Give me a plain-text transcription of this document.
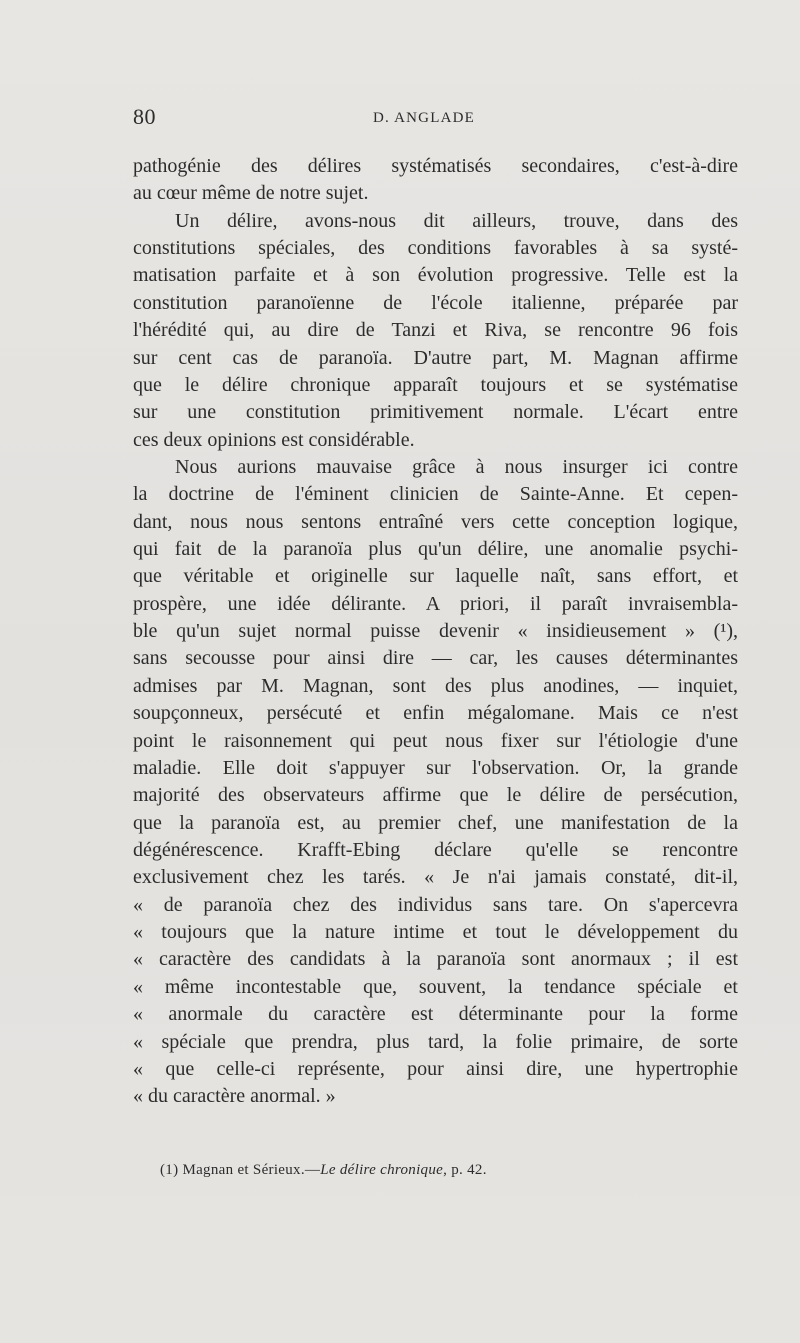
80	D. ANGLADE
pathogénie des délires systématisés secondaires, c'est-à-dire
au cœur même de notre sujet.
Un délire, avons-nous dit ailleurs, trouve, dans des
constitutions spéciales, des conditions favorables à sa systé-
matisation parfaite et à son évolution progressive. Telle est la
constitution paranoïenne de l'école italienne, préparée par
l'hérédité qui, au dire de Tanzi et Riva, se rencontre 96 fois
sur cent cas de paranoïa. D'autre part, M. Magnan affirme
que le délire chronique apparaît toujours et se systématise
sur une constitution primitivement normale. L'écart entre
ces deux opinions est considérable.
Nous aurions mauvaise grâce à nous insurger ici contre
la doctrine de l'éminent clinicien de Sainte-Anne. Et cepen-
dant, nous nous sentons entraîné vers cette conception logique,
qui fait de la paranoïa plus qu'un délire, une anomalie psychi-
que véritable et originelle sur laquelle naît, sans effort, et
prospère, une idée délirante. A priori, il paraît invraisembla-
ble qu'un sujet normal puisse devenir « insidieusement » (¹),
sans secousse pour ainsi dire — car, les causes déterminantes
admises par M. Magnan, sont des plus anodines, — inquiet,
soupçonneux, persécuté et enfin mégalomane. Mais ce n'est
point le raisonnement qui peut nous fixer sur l'étiologie d'une
maladie. Elle doit s'appuyer sur l'observation. Or, la grande
majorité des observateurs affirme que le délire de persécution,
que la paranoïa est, au premier chef, une manifestation de la
dégénérescence. Krafft-Ebing déclare qu'elle se rencontre
exclusivement chez les tarés. « Je n'ai jamais constaté, dit-il,
« de paranoïa chez des individus sans tare. On s'apercevra
« toujours que la nature intime et tout le développement du
« caractère des candidats à la paranoïa sont anormaux ; il est
« même incontestable que, souvent, la tendance spéciale et
« anormale du caractère est déterminante pour la forme
« spéciale que prendra, plus tard, la folie primaire, de sorte
« que celle-ci représente, pour ainsi dire, une hypertrophie
« du caractère anormal. »
(1) Magnan et Sérieux.—Le délire chronique, p. 42.
